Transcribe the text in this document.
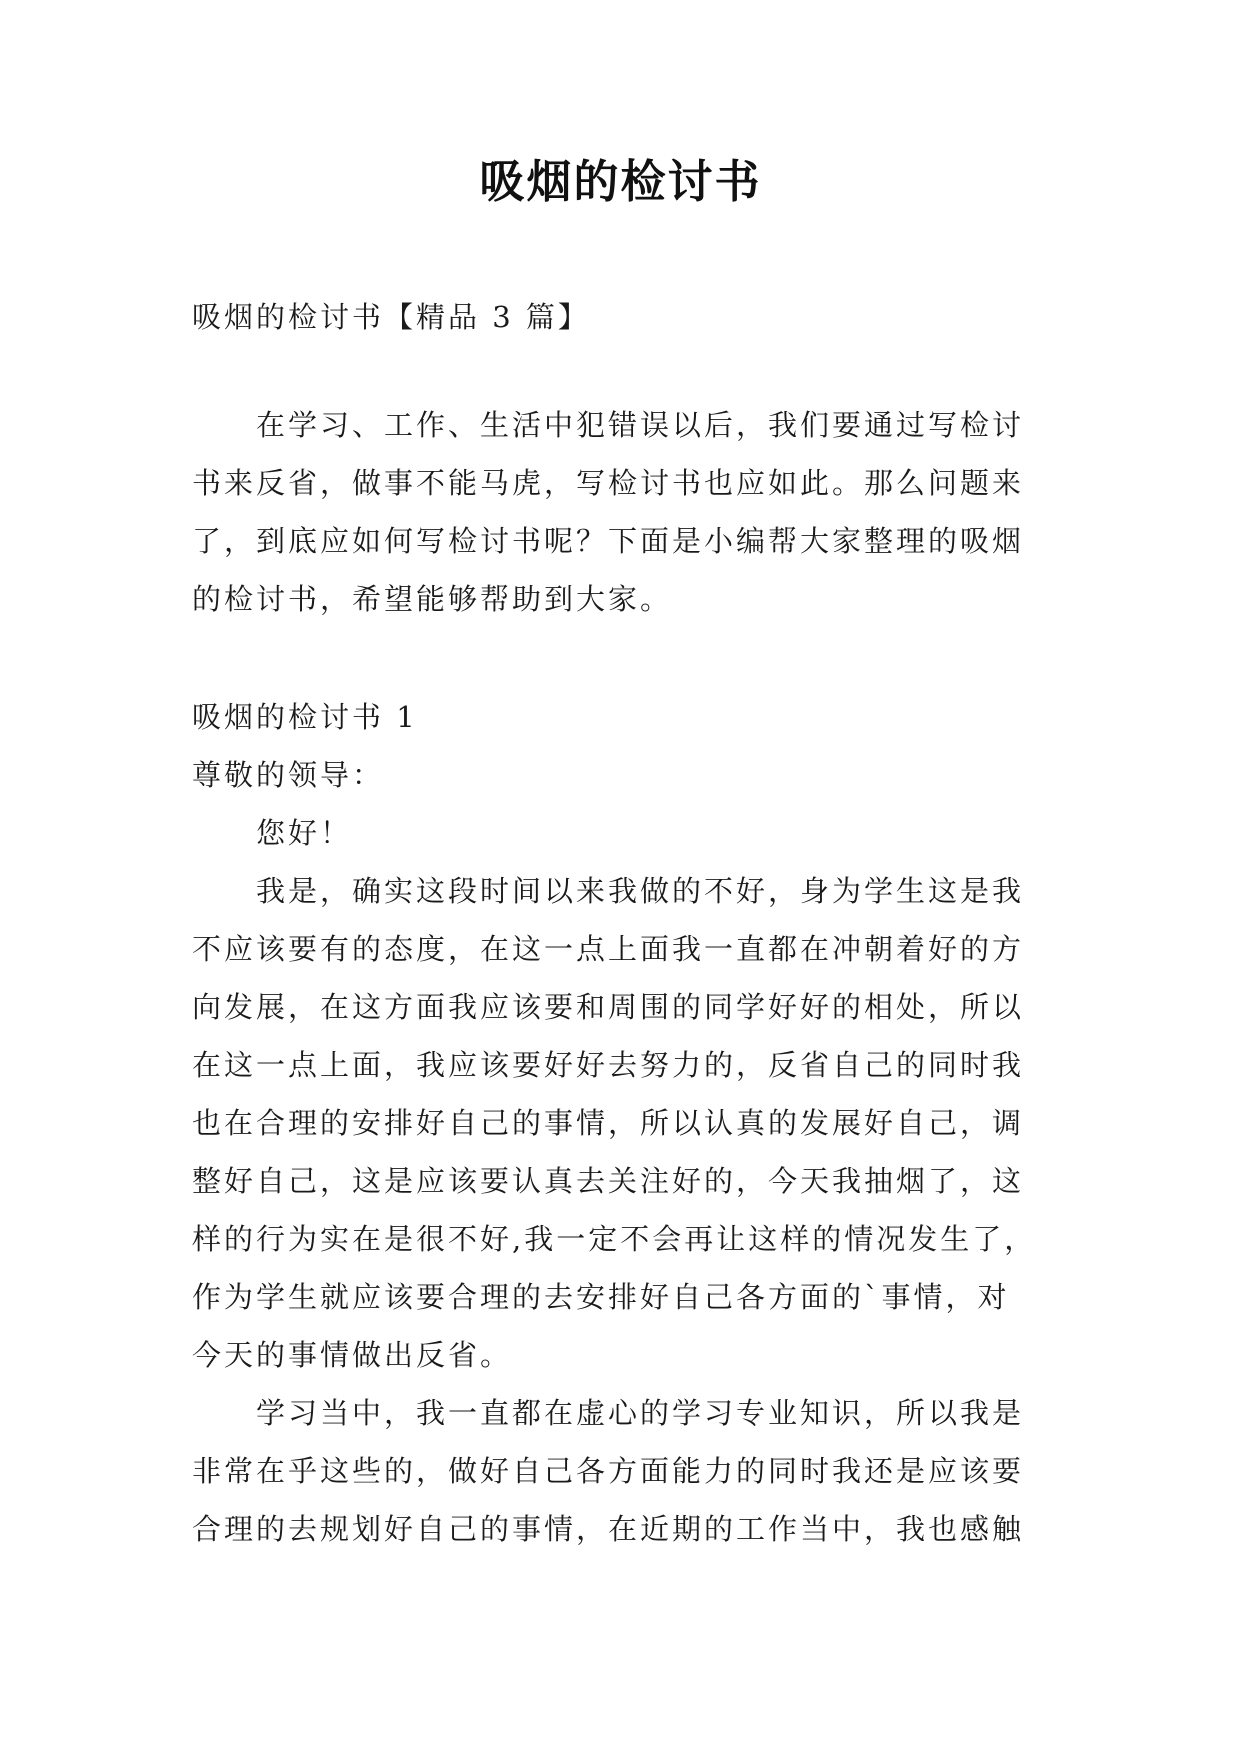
吸烟的检讨书
吸烟的检讨书【精品 3 篇】
在学习、工作、生活中犯错误以后，我们要通过写检讨
书来反省，做事不能马虎，写检讨书也应如此。那么问题来
了，到底应如何写检讨书呢？下面是小编帮大家整理的吸烟
的检讨书，希望能够帮助到大家。
吸烟的检讨书 1
尊敬的领导：
您好！
我是，确实这段时间以来我做的不好，身为学生这是我
不应该要有的态度，在这一点上面我一直都在冲朝着好的方
向发展，在这方面我应该要和周围的同学好好的相处，所以
在这一点上面，我应该要好好去努力的，反省自己的同时我
也在合理的安排好自己的事情，所以认真的发展好自己，调
整好自己，这是应该要认真去关注好的，今天我抽烟了，这
样的行为实在是很不好,我一定不会再让这样的情况发生了，
作为学生就应该要合理的去安排好自己各方面的`事情，对
今天的事情做出反省。
学习当中，我一直都在虚心的学习专业知识，所以我是
非常在乎这些的，做好自己各方面能力的同时我还是应该要
合理的去规划好自己的事情，在近期的工作当中，我也感触
